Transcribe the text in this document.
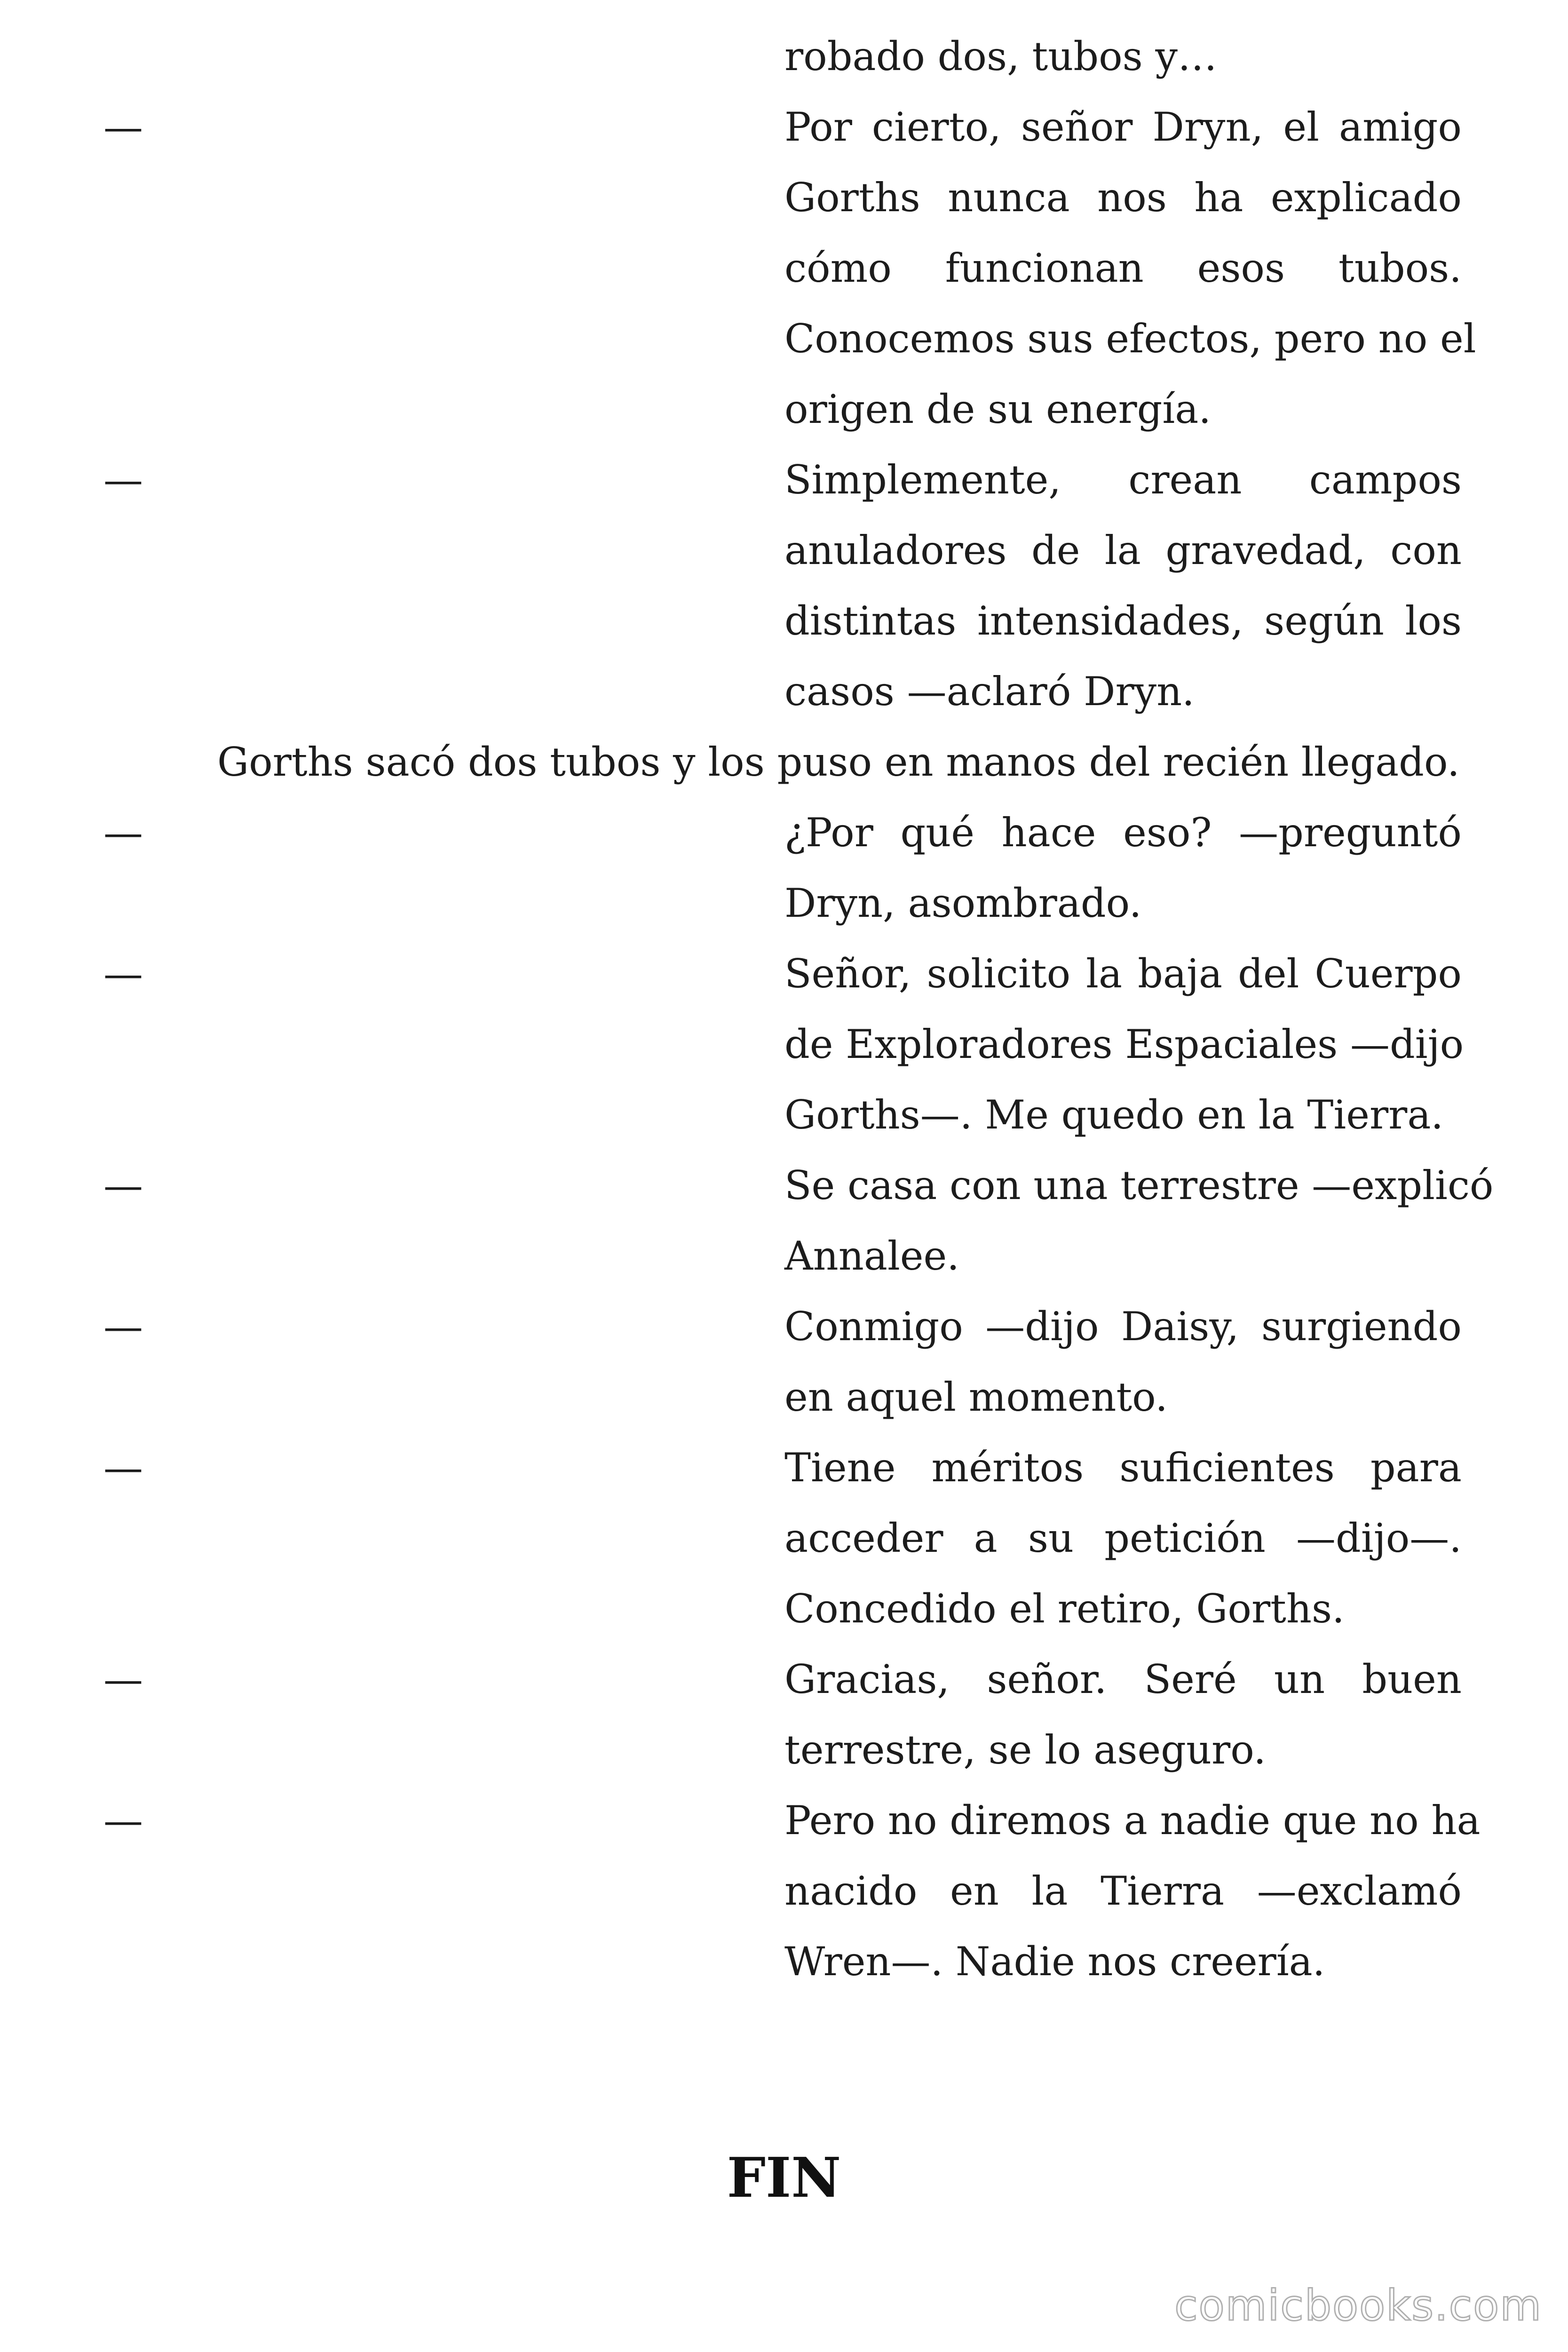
robado dos, tubos y…
—	Por cierto, señor Dryn, el amigo
Gorths nunca nos ha explicado
cómo funcionan esos tubos.
Conocemos sus efectos, pero no el
origen de su energía.
—	Simplemente, crean campos
anuladores de la gravedad, con
distintas intensidades, según los
casos —aclaró Dryn.
Gorths sacó dos tubos y los puso en manos del recién llegado.
—	¿Por qué hace eso? —preguntó
Dryn, asombrado.
—	Señor, solicito la baja del Cuerpo
de Exploradores Espaciales —dijo
Gorths—. Me quedo en la Tierra.
—	Se casa con una terrestre —explicó
Annalee.
—	Conmigo —dijo Daisy, surgiendo
en aquel momento.
—	Tiene méritos suficientes para
acceder a su petición —dijo—.
Concedido el retiro, Gorths.
—	Gracias, señor. Seré un buen
terrestre, se lo aseguro.
—	Pero no diremos a nadie que no ha
nacido en la Tierra —exclamó
Wren—. Nadie nos creería.
FIN
comicbooks.com
